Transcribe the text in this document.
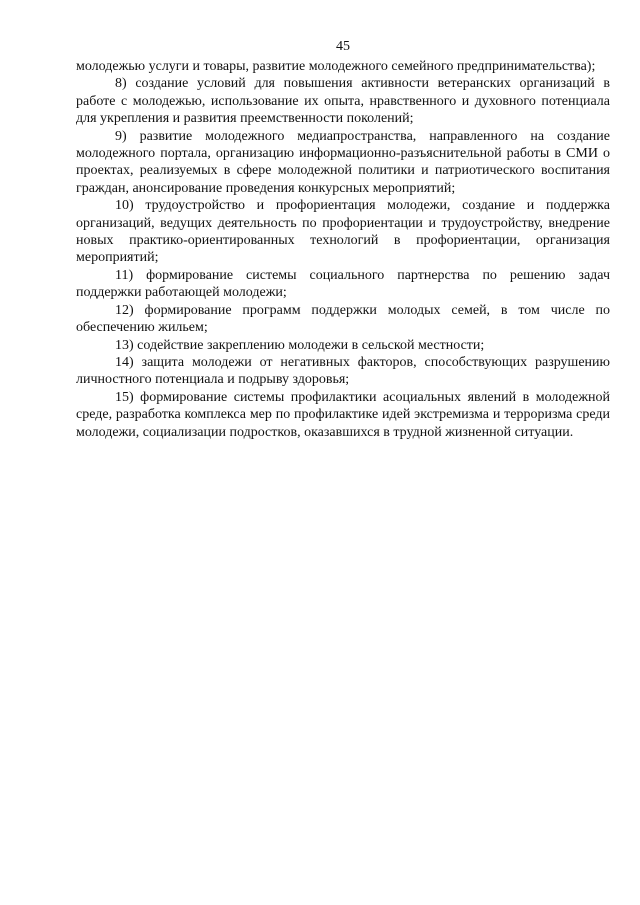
45

молодежью услуги и товары, развитие молодежного семейного предпринимательства);

8) создание условий для повышения активности ветеранских организаций в работе с молодежью, использование их опыта, нравственного и духовного потенциала для укрепления и развития преемственности поколений;

9) развитие молодежного медиапространства, направленного на создание молодежного портала, организацию информационно-разъяснительной работы в СМИ о проектах, реализуемых в сфере молодежной политики и патриотического воспитания граждан, анонсирование проведения конкурсных мероприятий;

10) трудоустройство и профориентация молодежи, создание и поддержка организаций, ведущих деятельность по профориентации и трудоустройству, внедрение новых практико-ориентированных технологий в профориентации, организация мероприятий;

11) формирование системы социального партнерства по решению задач поддержки работающей молодежи;

12) формирование программ поддержки молодых семей, в том числе по обеспечению жильем;

13) содействие закреплению молодежи в сельской местности;

14) защита молодежи от негативных факторов, способствующих разрушению личностного потенциала и подрыву здоровья;

15) формирование системы профилактики асоциальных явлений в молодежной среде, разработка комплекса мер по профилактике идей экстремизма и терроризма среди молодежи, социализации подростков, оказавшихся в трудной жизненной ситуации.
